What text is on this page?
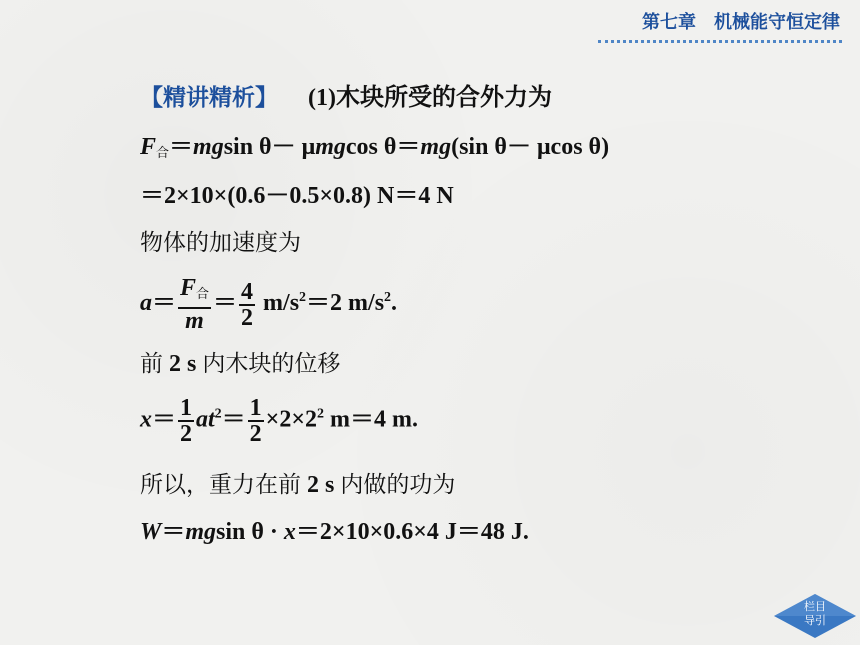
第七章 机械能守恒定律
【精讲精析】 (1)木块所受的合外力为
$F_合=mgsin$ θ－ μmgcos θ＝mg(sin θ－ μcos θ)
＝2×10×(0.6－0.5×0.8) N＝4 N
物体的加速度为
$a= \frac{F_合}{m} = \frac{4}{2} m/s^2=2$ $m/s^2$.
前 2 s 内木块的位移
$x= \frac{1}{2} at^2= \frac{1}{2} \times 2\times 2^2$ m＝4 m.
所以，重力在前 2 s 内做的功为
W＝mgsin θ · x＝2×10×0.6×4 J＝48 J.
栏目
导引
